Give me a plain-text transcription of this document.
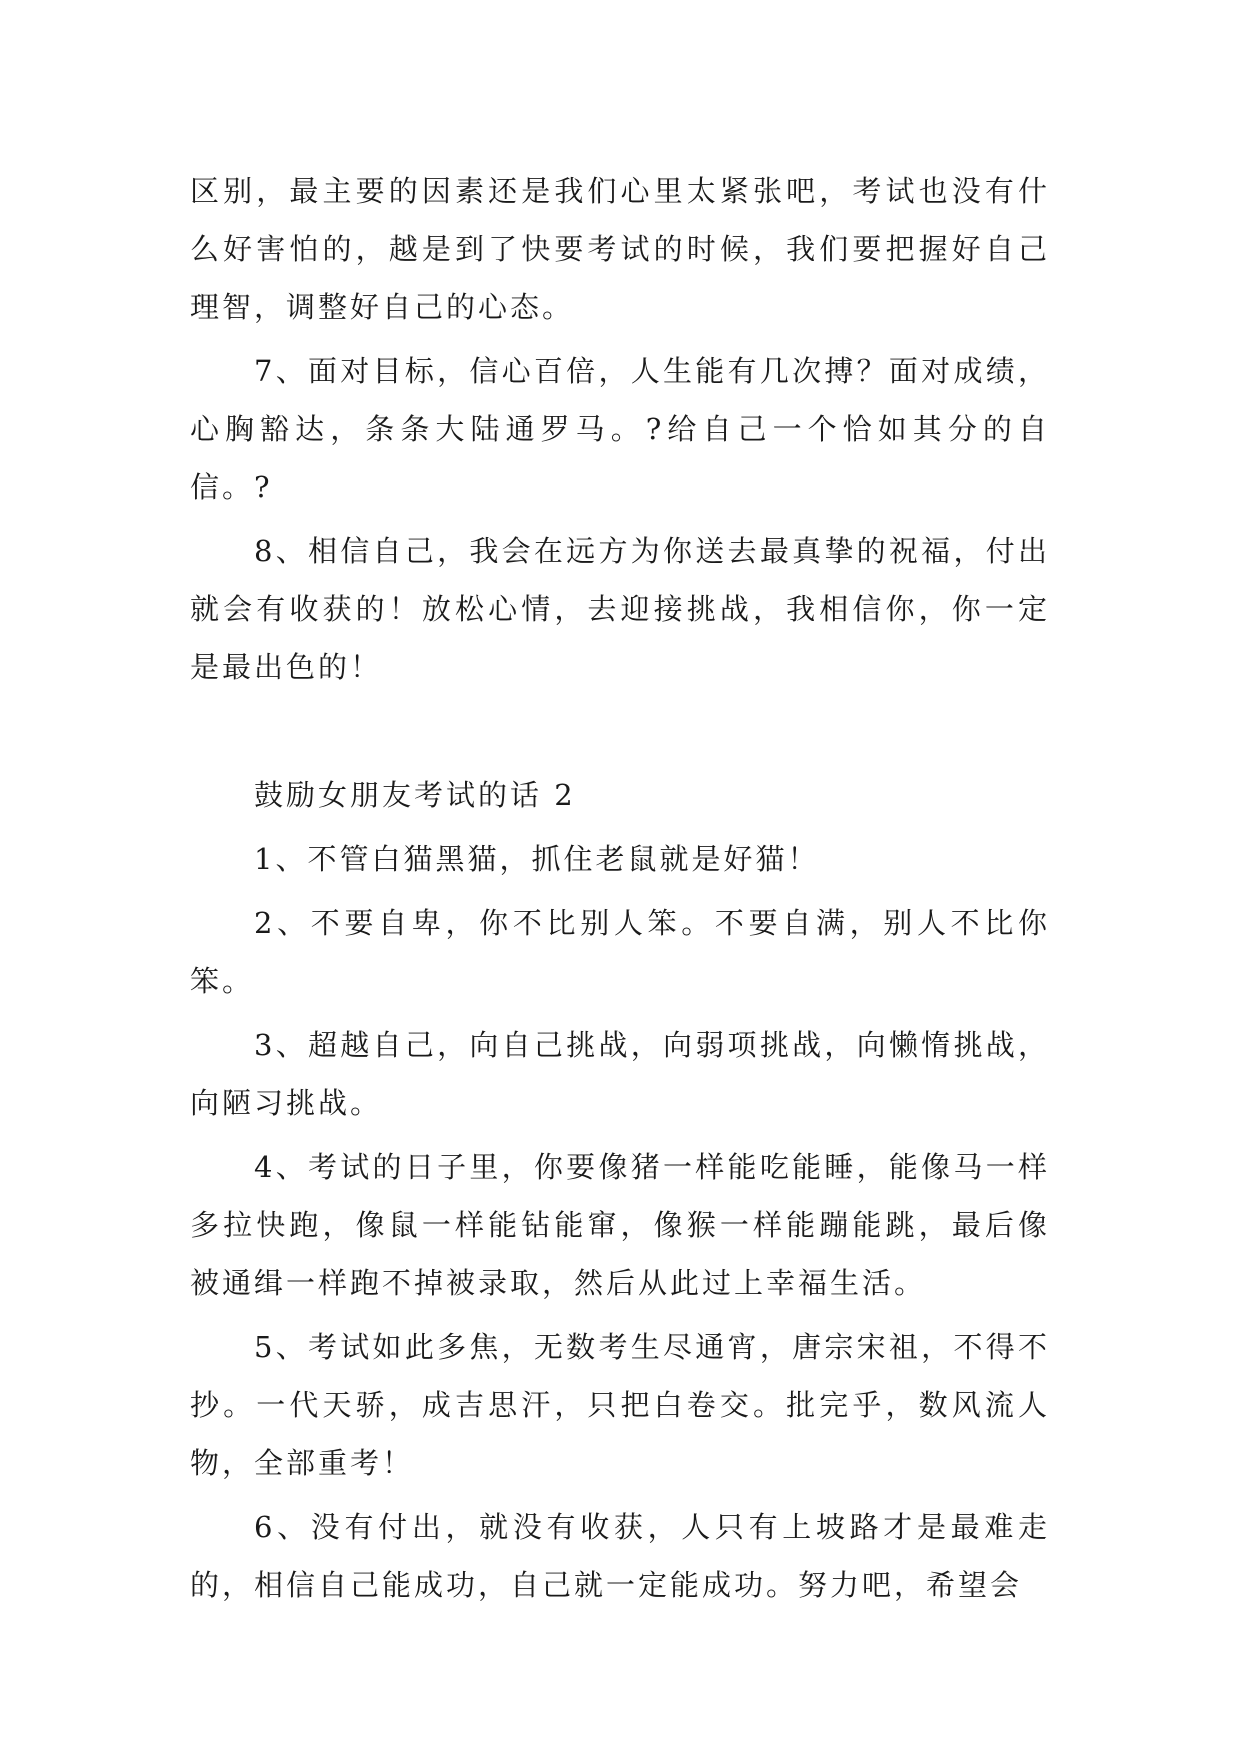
区别，最主要的因素还是我们心里太紧张吧，考试也没有什么好害怕的，越是到了快要考试的时候，我们要把握好自己理智，调整好自己的心态。

7、面对目标，信心百倍，人生能有几次搏？面对成绩，心胸豁达，条条大陆通罗马。?给自己一个恰如其分的自信。?

8、相信自己，我会在远方为你送去最真挚的祝福，付出就会有收获的！放松心情，去迎接挑战，我相信你，你一定是最出色的！

鼓励女朋友考试的话 2

1、不管白猫黑猫，抓住老鼠就是好猫！

2、不要自卑，你不比别人笨。不要自满，别人不比你笨。

3、超越自己，向自己挑战，向弱项挑战，向懒惰挑战，向陋习挑战。

4、考试的日子里，你要像猪一样能吃能睡，能像马一样多拉快跑，像鼠一样能钻能窜，像猴一样能蹦能跳，最后像被通缉一样跑不掉被录取，然后从此过上幸福生活。

5、考试如此多焦，无数考生尽通宵，唐宗宋祖，不得不抄。一代天骄，成吉思汗，只把白卷交。批完乎，数风流人物，全部重考！

6、没有付出，就没有收获，人只有上坡路才是最难走的，相信自己能成功，自己就一定能成功。努力吧，希望会
